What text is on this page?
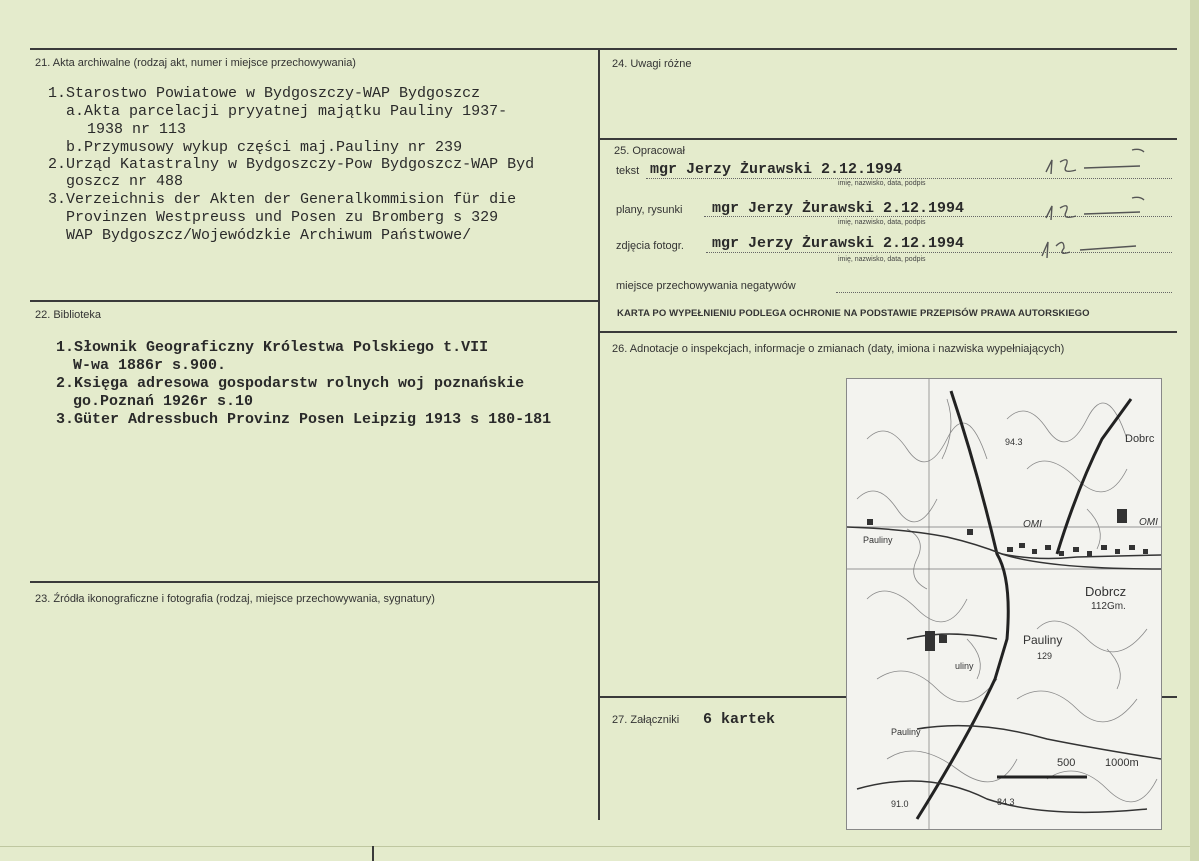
21. Akta archiwalne (rodzaj akt, numer i miejsce przechowywania)
1.Starostwo Powiatowe w Bydgoszczy-WAP Bydgoszcz
a.Akta parcelacji pryyatnej majątku Pauliny 1937-
1938 nr 113
b.Przymusowy wykup części maj.Pauliny nr 239
2.Urząd Katastralny w Bydgoszczy-Pow Bydgoszcz-WAP Byd
goszcz nr 488
3.Verzeichnis der Akten der Generalkommision für die
Provinzen Westpreuss und Posen zu Bromberg s 329
WAP Bydgoszcz/Wojewódzkie Archiwum Państwowe/
22. Biblioteka
1.Słownik Geograficzny Królestwa Polskiego t.VII
W-wa 1886r s.900.
2.Księga adresowa gospodarstw rolnych woj poznańskie
go.Poznań 1926r s.10
3.Güter Adressbuch Provinz Posen Leipzig 1913 s 180-181
23. Źródła ikonograficzne i fotografia (rodzaj, miejsce przechowywania, sygnatury)
24. Uwagi różne
25. Opracował
tekst mgr Jerzy Żurawski 2.12.1994
imię, nazwisko, data, podpis
plany, rysunki mgr Jerzy Żurawski 2.12.1994
imię, nazwisko, data, podpis
zdjęcia fotogr. mgr Jerzy Żurawski 2.12.1994
imię, nazwisko, data, podpis
miejsce przechowywania negatywów
KARTA PO WYPEŁNIENIU PODLEGA OCHRONIE NA PODSTAWIE PRZEPISÓW PRAWA AUTORSKIEGO
26. Adnotacje o inspekcjach, informacje o zmianach (daty, imiona i nazwiska wypełniających)
27. Załączniki 6 kartek
Dobrc
94.3
OMI	OMI
Pauliny
Dobrcz
112Gm.
Pauliny
129
uliny
Pauliny
500	1000m
91.0	84.3
